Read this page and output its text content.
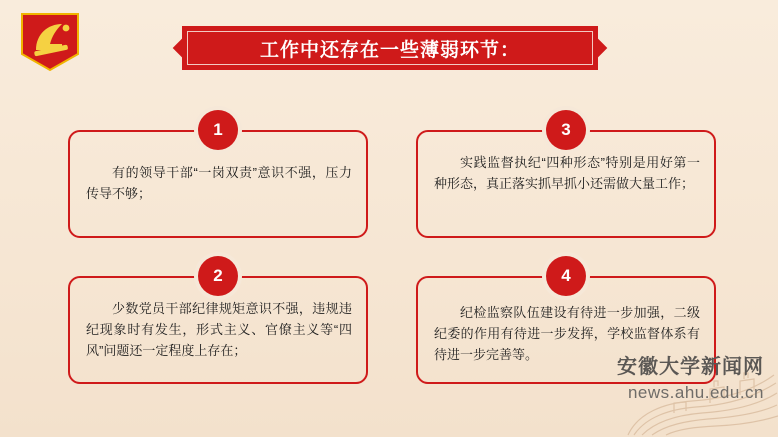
工作中还存在一些薄弱环节：
1
有的领导干部“一岗双责”意识不强，压力传导不够；
2
少数党员干部纪律规矩意识不强，违规违纪现象时有发生，形式主义、官僚主义等“四风”问题还一定程度上存在；
3
实践监督执纪“四种形态”特别是用好第一种形态，真正落实抓早抓小还需做大量工作；
4
纪检监察队伍建设有待进一步加强，二级纪委的作用有待进一步发挥，学校监督体系有待进一步完善等。
安徽大学新闻网
news.ahu.edu.cn
